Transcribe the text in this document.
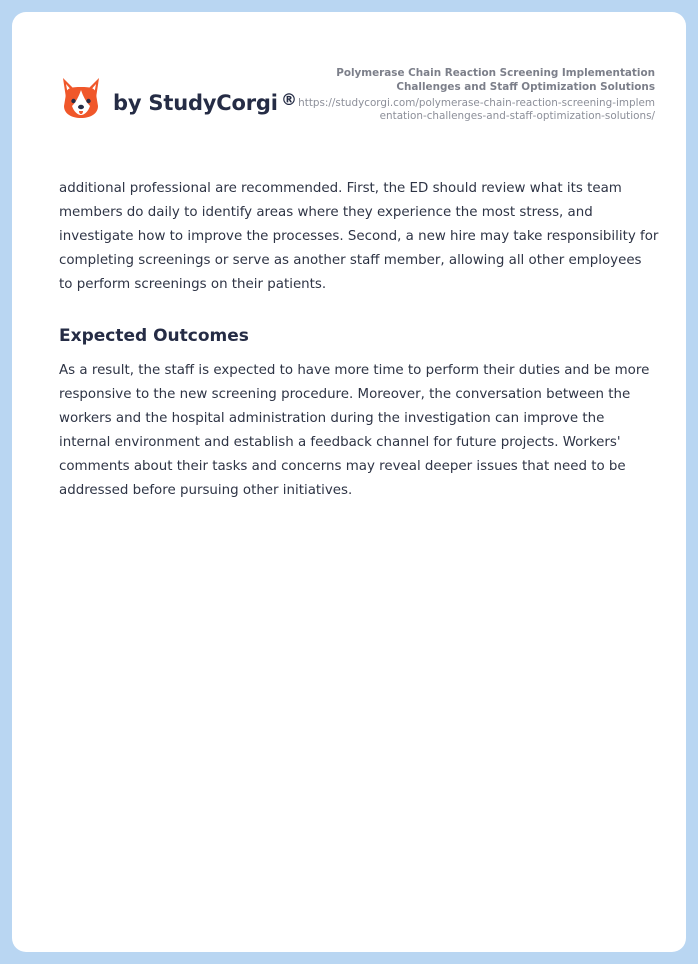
by StudyCorgi ®

Polymerase Chain Reaction Screening Implementation Challenges and Staff Optimization Solutions

https://studycorgi.com/polymerase-chain-reaction-screening-implementation-challenges-and-staff-optimization-solutions/

additional professional are recommended. First, the ED should review what its team members do daily to identify areas where they experience the most stress, and investigate how to improve the processes. Second, a new hire may take responsibility for completing screenings or serve as another staff member, allowing all other employees to perform screenings on their patients.

Expected Outcomes

As a result, the staff is expected to have more time to perform their duties and be more responsive to the new screening procedure. Moreover, the conversation between the workers and the hospital administration during the investigation can improve the internal environment and establish a feedback channel for future projects. Workers' comments about their tasks and concerns may reveal deeper issues that need to be addressed before pursuing other initiatives.
